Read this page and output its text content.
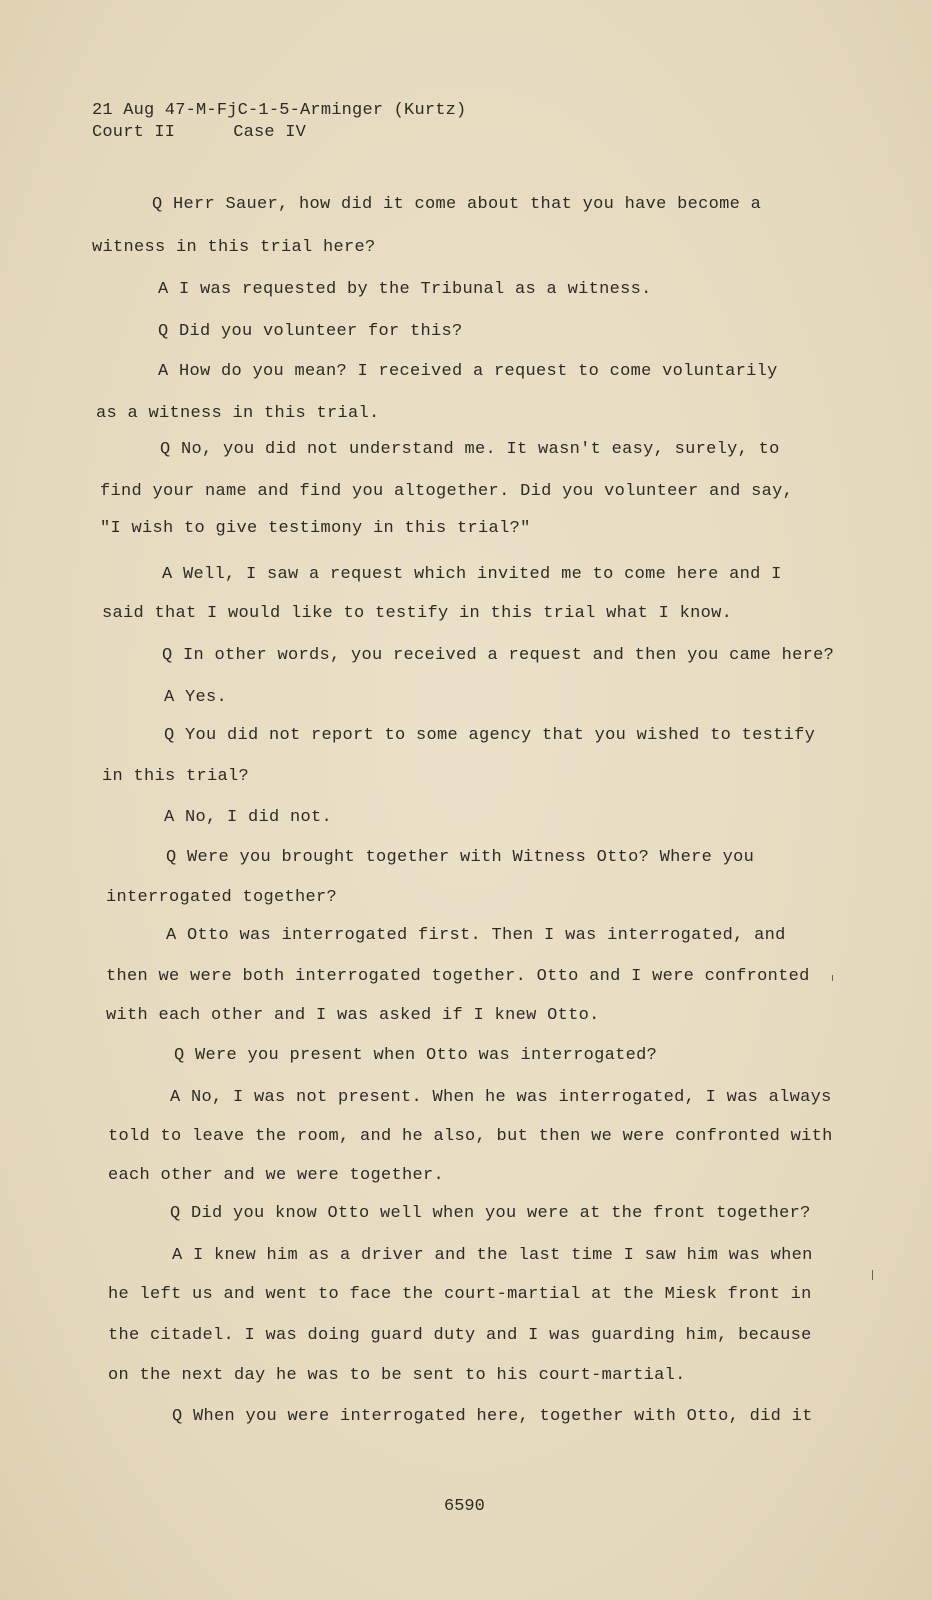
21 Aug 47-M-FjC-1-5-Arminger (Kurtz)
Court II	Case IV
Q Herr Sauer, how did it come about that you have become a
witness in this trial here?
A I was requested by the Tribunal as a witness.
Q Did you volunteer for this?
A How do you mean? I received a request to come voluntarily
as a witness in this trial.
Q No, you did not understand me. It wasn't easy, surely, to
find your name and find you altogether. Did you volunteer and say,
"I wish to give testimony in this trial?"
A Well, I saw a request which invited me to come here and I
said that I would like to testify in this trial what I know.
Q In other words, you received a request and then you came here?
A Yes.
Q You did not report to some agency that you wished to testify
in this trial?
A No, I did not.
Q Were you brought together with Witness Otto? Where you
interrogated together?
A Otto was interrogated first. Then I was interrogated, and
then we were both interrogated together. Otto and I were confronted
with each other and I was asked if I knew Otto.
Q Were you present when Otto was interrogated?
A No, I was not present. When he was interrogated, I was always
told to leave the room, and he also, but then we were confronted with
each other and we were together.
Q Did you know Otto well when you were at the front together?
A I knew him as a driver and the last time I saw him was when
he left us and went to face the court-martial at the Miesk front in
the citadel. I was doing guard duty and I was guarding him, because
on the next day he was to be sent to his court-martial.
Q When you were interrogated here, together with Otto, did it
6590
